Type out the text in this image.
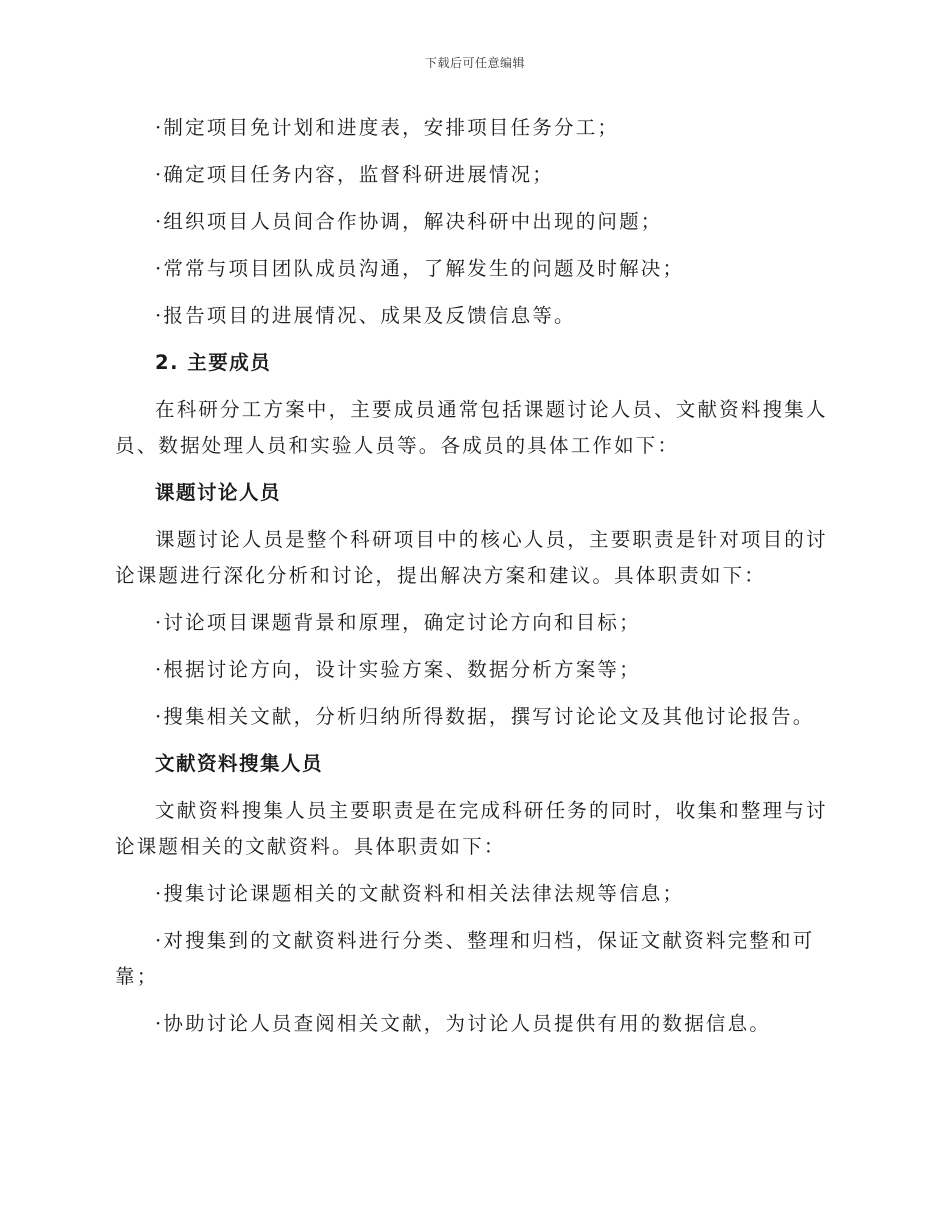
下载后可任意编辑
·制定项目免计划和进度表，安排项目任务分工；
·确定项目任务内容，监督科研进展情况；
·组织项目人员间合作协调，解决科研中出现的问题；
·常常与项目团队成员沟通，了解发生的问题及时解决；
·报告项目的进展情况、成果及反馈信息等。
2. 主要成员
在科研分工方案中，主要成员通常包括课题讨论人员、文献资料搜集人员、数据处理人员和实验人员等。各成员的具体工作如下：
课题讨论人员
课题讨论人员是整个科研项目中的核心人员，主要职责是针对项目的讨论课题进行深化分析和讨论，提出解决方案和建议。具体职责如下：
·讨论项目课题背景和原理，确定讨论方向和目标；
·根据讨论方向，设计实验方案、数据分析方案等；
·搜集相关文献，分析归纳所得数据，撰写讨论论文及其他讨论报告。
文献资料搜集人员
文献资料搜集人员主要职责是在完成科研任务的同时，收集和整理与讨论课题相关的文献资料。具体职责如下：
·搜集讨论课题相关的文献资料和相关法律法规等信息；
·对搜集到的文献资料进行分类、整理和归档，保证文献资料完整和可靠；
·协助讨论人员查阅相关文献，为讨论人员提供有用的数据信息。
